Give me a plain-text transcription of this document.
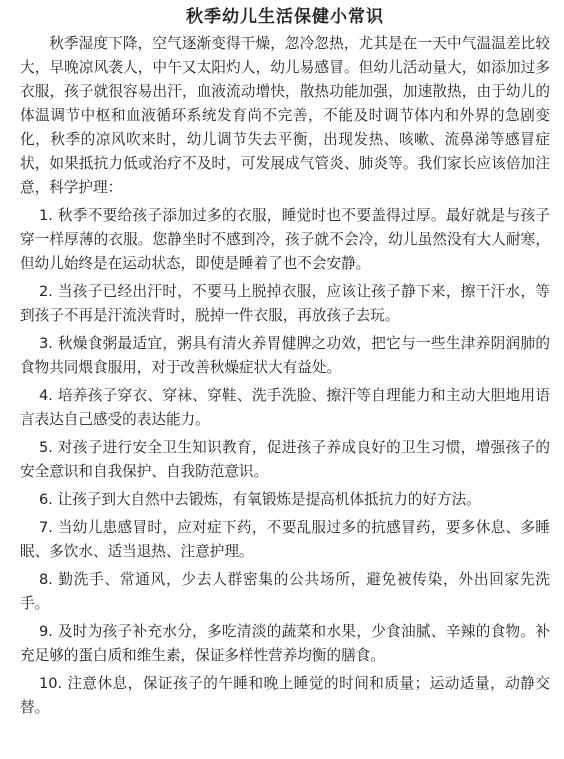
秋季幼儿生活保健小常识

秋季湿度下降，空气逐渐变得干燥，忽冷忽热，尤其是在一天中气温温差比较大，早晚凉风袭人，中午又太阳灼人，幼儿易感冒。但幼儿活动量大，如添加过多衣服，孩子就很容易出汗，血液流动增快，散热功能加强，加速散热，由于幼儿的体温调节中枢和血液循环系统发育尚不完善，不能及时调节体内和外界的急剧变化，秋季的凉风吹来时，幼儿调节失去平衡，出现发热、咳嗽、流鼻涕等感冒症状，如果抵抗力低或治疗不及时，可发展成气管炎、肺炎等。我们家长应该倍加注意，科学护理：

1. 秋季不要给孩子添加过多的衣服，睡觉时也不要盖得过厚。最好就是与孩子穿一样厚薄的衣服。您静坐时不感到冷，孩子就不会冷，幼儿虽然没有大人耐寒，但幼儿始终是在运动状态，即使是睡着了也不会安静。

2. 当孩子已经出汗时，不要马上脱掉衣服，应该让孩子静下来，擦干汗水，等到孩子不再是汗流浃背时，脱掉一件衣服，再放孩子去玩。

3. 秋燥食粥最适宜，粥具有清火养胃健脾之功效，把它与一些生津养阴润肺的食物共同煨食服用，对于改善秋燥症状大有益处。

4. 培养孩子穿衣、穿袜、穿鞋、洗手洗脸、擦汗等自理能力和主动大胆地用语言表达自己感受的表达能力。

5. 对孩子进行安全卫生知识教育，促进孩子养成良好的卫生习惯，增强孩子的安全意识和自我保护、自我防范意识。

6. 让孩子到大自然中去锻炼，有氧锻炼是提高机体抵抗力的好方法。

7. 当幼儿患感冒时，应对症下药，不要乱服过多的抗感冒药，要多休息、多睡眠、多饮水、适当退热、注意护理。

8. 勤洗手、常通风，少去人群密集的公共场所，避免被传染，外出回家先洗手。

9. 及时为孩子补充水分，多吃清淡的蔬菜和水果，少食油腻、辛辣的食物。补充足够的蛋白质和维生素，保证多样性营养均衡的膳食。

10. 注意休息，保证孩子的午睡和晚上睡觉的时间和质量；运动适量，动静交替。
